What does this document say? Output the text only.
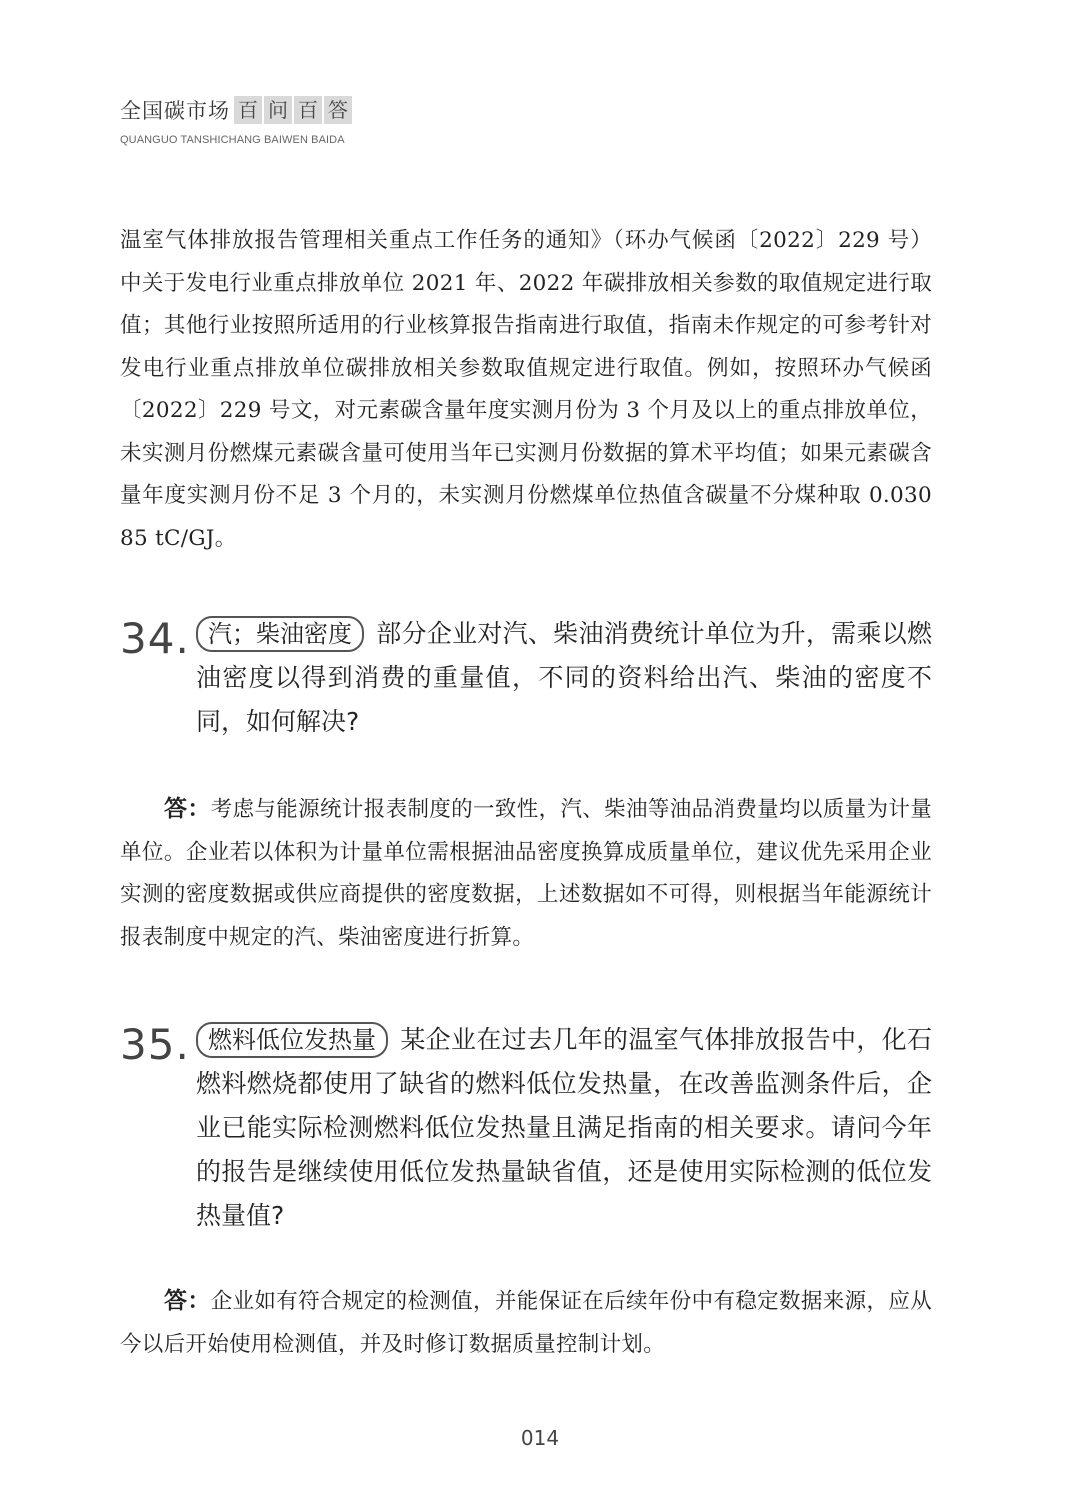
全国碳市场 百 问 百 答
QUANGUO TANSHICHANG BAIWEN BAIDA

温室气体排放报告管理相关重点工作任务的通知》（环办气候函〔2022〕229 号）中关于发电行业重点排放单位 2021 年、2022 年碳排放相关参数的取值规定进行取值；其他行业按照所适用的行业核算报告指南进行取值，指南未作规定的可参考针对发电行业重点排放单位碳排放相关参数取值规定进行取值。例如，按照环办气候函〔2022〕229 号文，对元素碳含量年度实测月份为 3 个月及以上的重点排放单位，未实测月份燃煤元素碳含量可使用当年已实测月份数据的算术平均值；如果元素碳含量年度实测月份不足 3 个月的，未实测月份燃煤单位热值含碳量不分煤种取 0.030 85 tC/GJ。

34. 汽；柴油密度 部分企业对汽、柴油消费统计单位为升，需乘以燃油密度以得到消费的重量值，不同的资料给出汽、柴油的密度不同，如何解决?

答：考虑与能源统计报表制度的一致性，汽、柴油等油品消费量均以质量为计量单位。企业若以体积为计量单位需根据油品密度换算成质量单位，建议优先采用企业实测的密度数据或供应商提供的密度数据，上述数据如不可得，则根据当年能源统计报表制度中规定的汽、柴油密度进行折算。

35. 燃料低位发热量 某企业在过去几年的温室气体排放报告中，化石燃料燃烧都使用了缺省的燃料低位发热量，在改善监测条件后，企业已能实际检测燃料低位发热量且满足指南的相关要求。请问今年的报告是继续使用低位发热量缺省值，还是使用实际检测的低位发热量值?

答：企业如有符合规定的检测值，并能保证在后续年份中有稳定数据来源，应从今以后开始使用检测值，并及时修订数据质量控制计划。

014
